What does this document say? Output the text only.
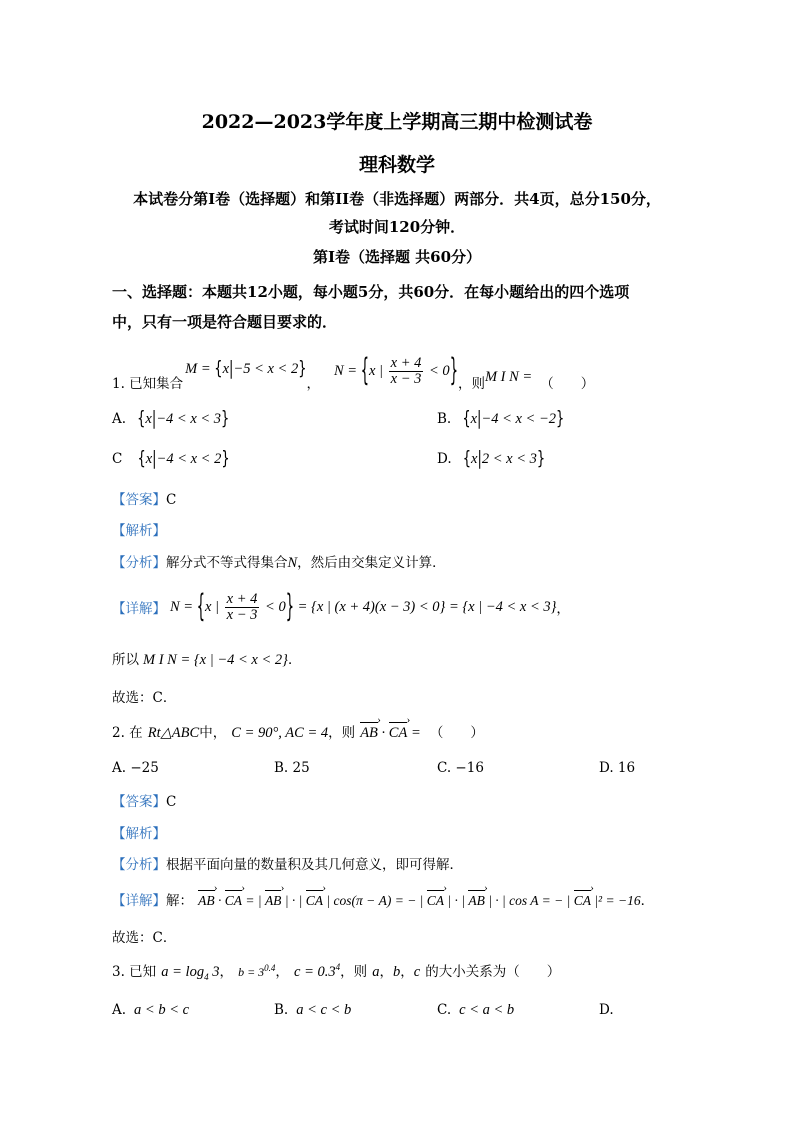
2022—2023学年度上学期高三期中检测试卷
理科数学
本试卷分第I卷（选择题）和第II卷（非选择题）两部分．共4页，总分150分，
考试时间120分钟．
第I卷（选择题 共60分）
一、选择题：本题共12小题，每小题5分，共60分．在每小题给出的四个选项
中，只有一项是符合题目要求的．
1. 已知集合
M = {x|−5 < x < 2}
，
N = {x | $\frac{x + 4}{x - 3} < 0$} ，则 M I N = （　　）
A. {x|−4 < x < 3}	B. {x|−4 < x < −2}
C {x|−4 < x < 2}	D. {x|2 < x < 3}
【答案】C
【解析】
【分析】解分式不等式得集合N，然后由交集定义计算．
【详解】 N = {x | $\frac{x + 4}{x - 3} < 0\} = \{x$ | (x + 4)(x − 3) < 0} = {x | −4 < x < 3} ，
所以 M I N = {x | −4 < x < 2}．
故选：C．
2. 在 Rt△ABC中， C = 90°, AC = 4，则 AB › · CA › = （　　）
A. −25	B. 25	C. −16	D. 16
【答案】C
【解析】
【分析】根据平面向量的数量积及其几何意义，即可得解．
【详解】解： AB › · CA › = | AB › | · | CA › | cos(π − A) = − | CA › | · | AB › | · | cos A = − | CA › |² = −16．
故选：C．
3. 已知 $a = \log_4 3$， $b = 3^{0.4}$， $c = 0.3^4$，则 a，b，c 的大小关系为（　　）
A. a < b < c	B. a < c < b	C. c < a < b	D.
